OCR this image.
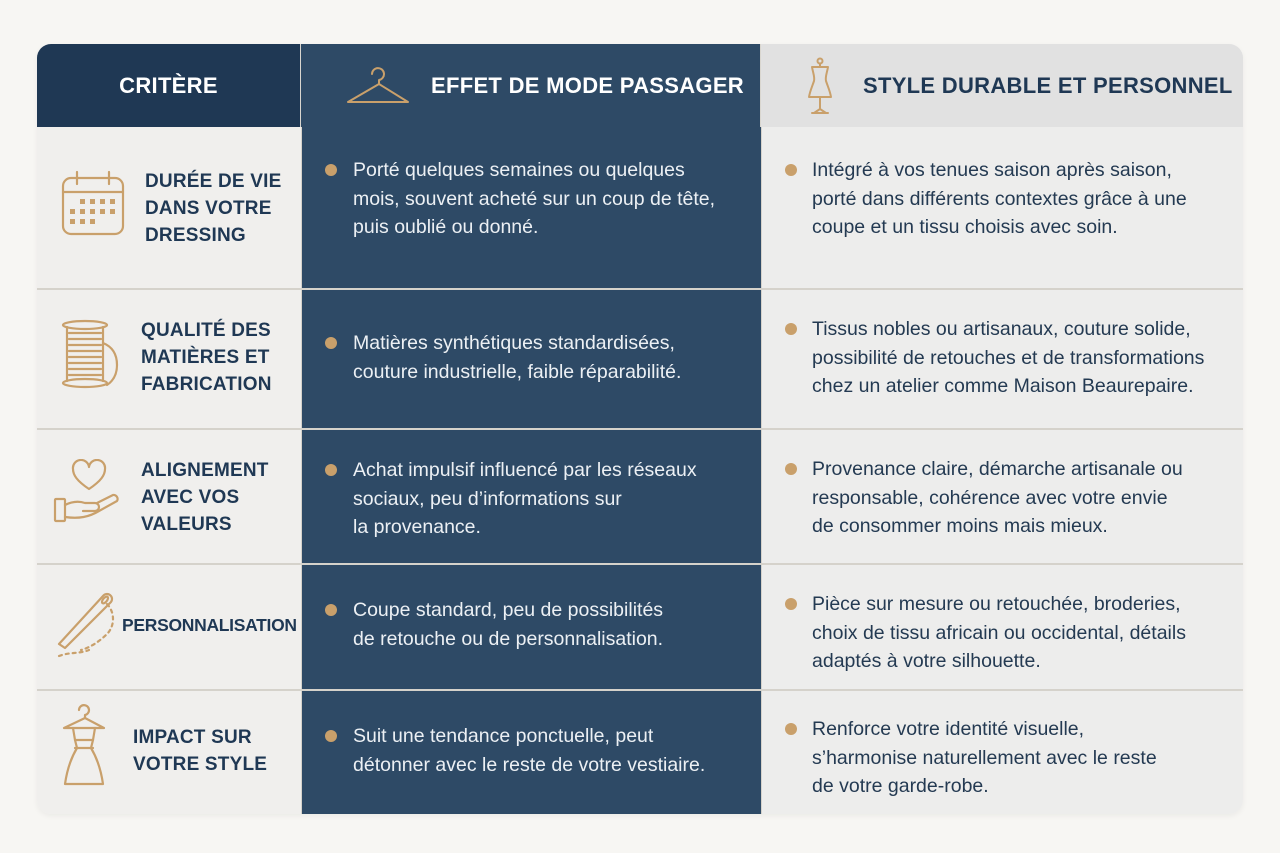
CRITÈRE	EFFET DE MODE PASSAGER	STYLE DURABLE ET PERSONNEL
DURÉE DE VIE
DANS VOTRE
DRESSING
Porté quelques semaines ou quelques
mois, souvent acheté sur un coup de tête,
puis oublié ou donné.
Intégré à vos tenues saison après saison,
porté dans différents contextes grâce à une
coupe et un tissu choisis avec soin.
QUALITÉ DES
MATIÈRES ET
FABRICATION
Matières synthétiques standardisées,
couture industrielle, faible réparabilité.
Tissus nobles ou artisanaux, couture solide,
possibilité de retouches et de transformations
chez un atelier comme Maison Beaurepaire.
ALIGNEMENT
AVEC VOS
VALEURS
Achat impulsif influencé par les réseaux
sociaux, peu d’informations sur
la provenance.
Provenance claire, démarche artisanale ou
responsable, cohérence avec votre envie
de consommer moins mais mieux.
PERSONNALISATION
Coupe standard, peu de possibilités
de retouche ou de personnalisation.
Pièce sur mesure ou retouchée, broderies,
choix de tissu africain ou occidental, détails
adaptés à votre silhouette.
IMPACT SUR
VOTRE STYLE
Suit une tendance ponctuelle, peut
détonner avec le reste de votre vestiaire.
Renforce votre identité visuelle,
s’harmonise naturellement avec le reste
de votre garde-robe.
